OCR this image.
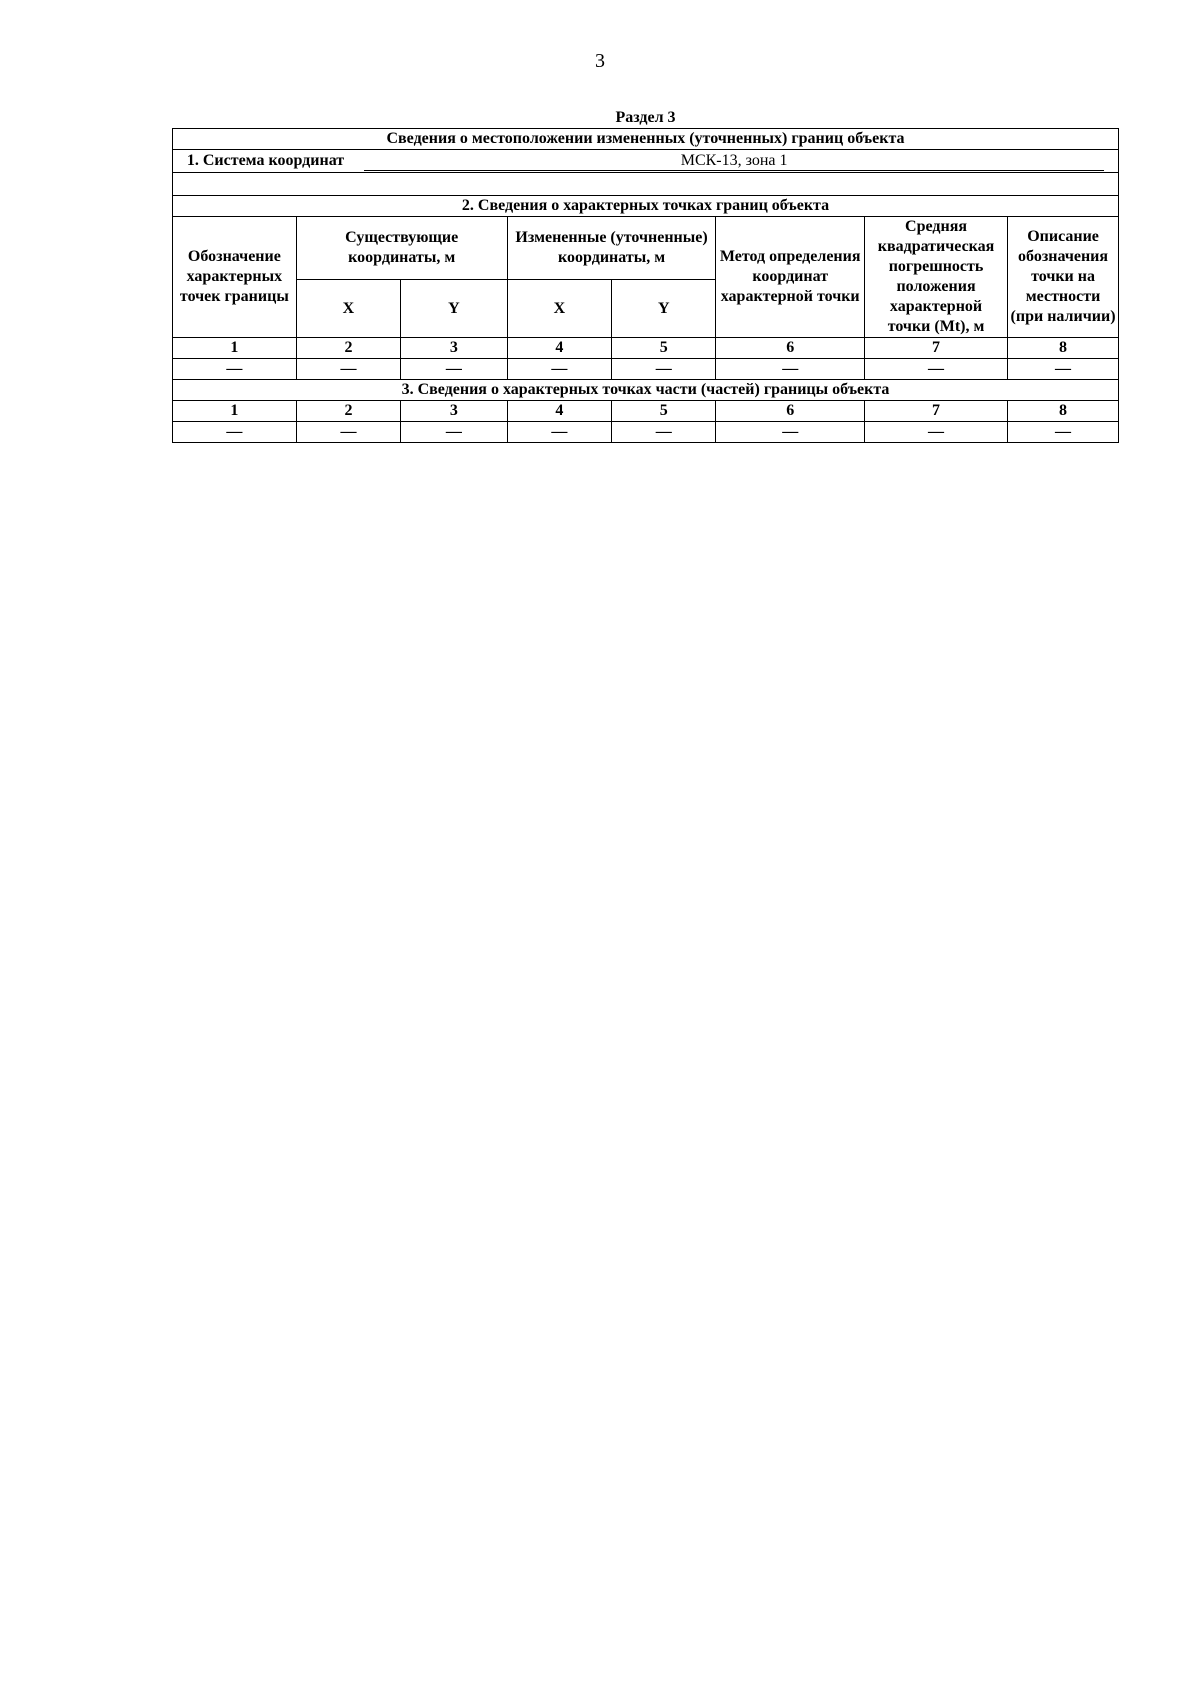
3
Раздел 3
Сведения о местоположении измененных (уточненных) границ объекта							
1. Система координат МСК-13, зона 1							

2. Сведения о характерных точках границ объекта							
Обозначение характерных точек границы	Существующие координаты, м		Измененные (уточненные) координаты, м		Метод определения координат характерной точки	Средняя квадратическая погрешность положения характерной точки (Mt), м	Описание обозначения точки на местности (при наличии)
	X	Y	X	Y			
1	2	3	4	5	6	7	8
—	—	—	—	—	—	—	—
3. Сведения о характерных точках части (частей) границы объекта							
1	2	3	4	5	6	7	8
—	—	—	—	—	—	—	—
